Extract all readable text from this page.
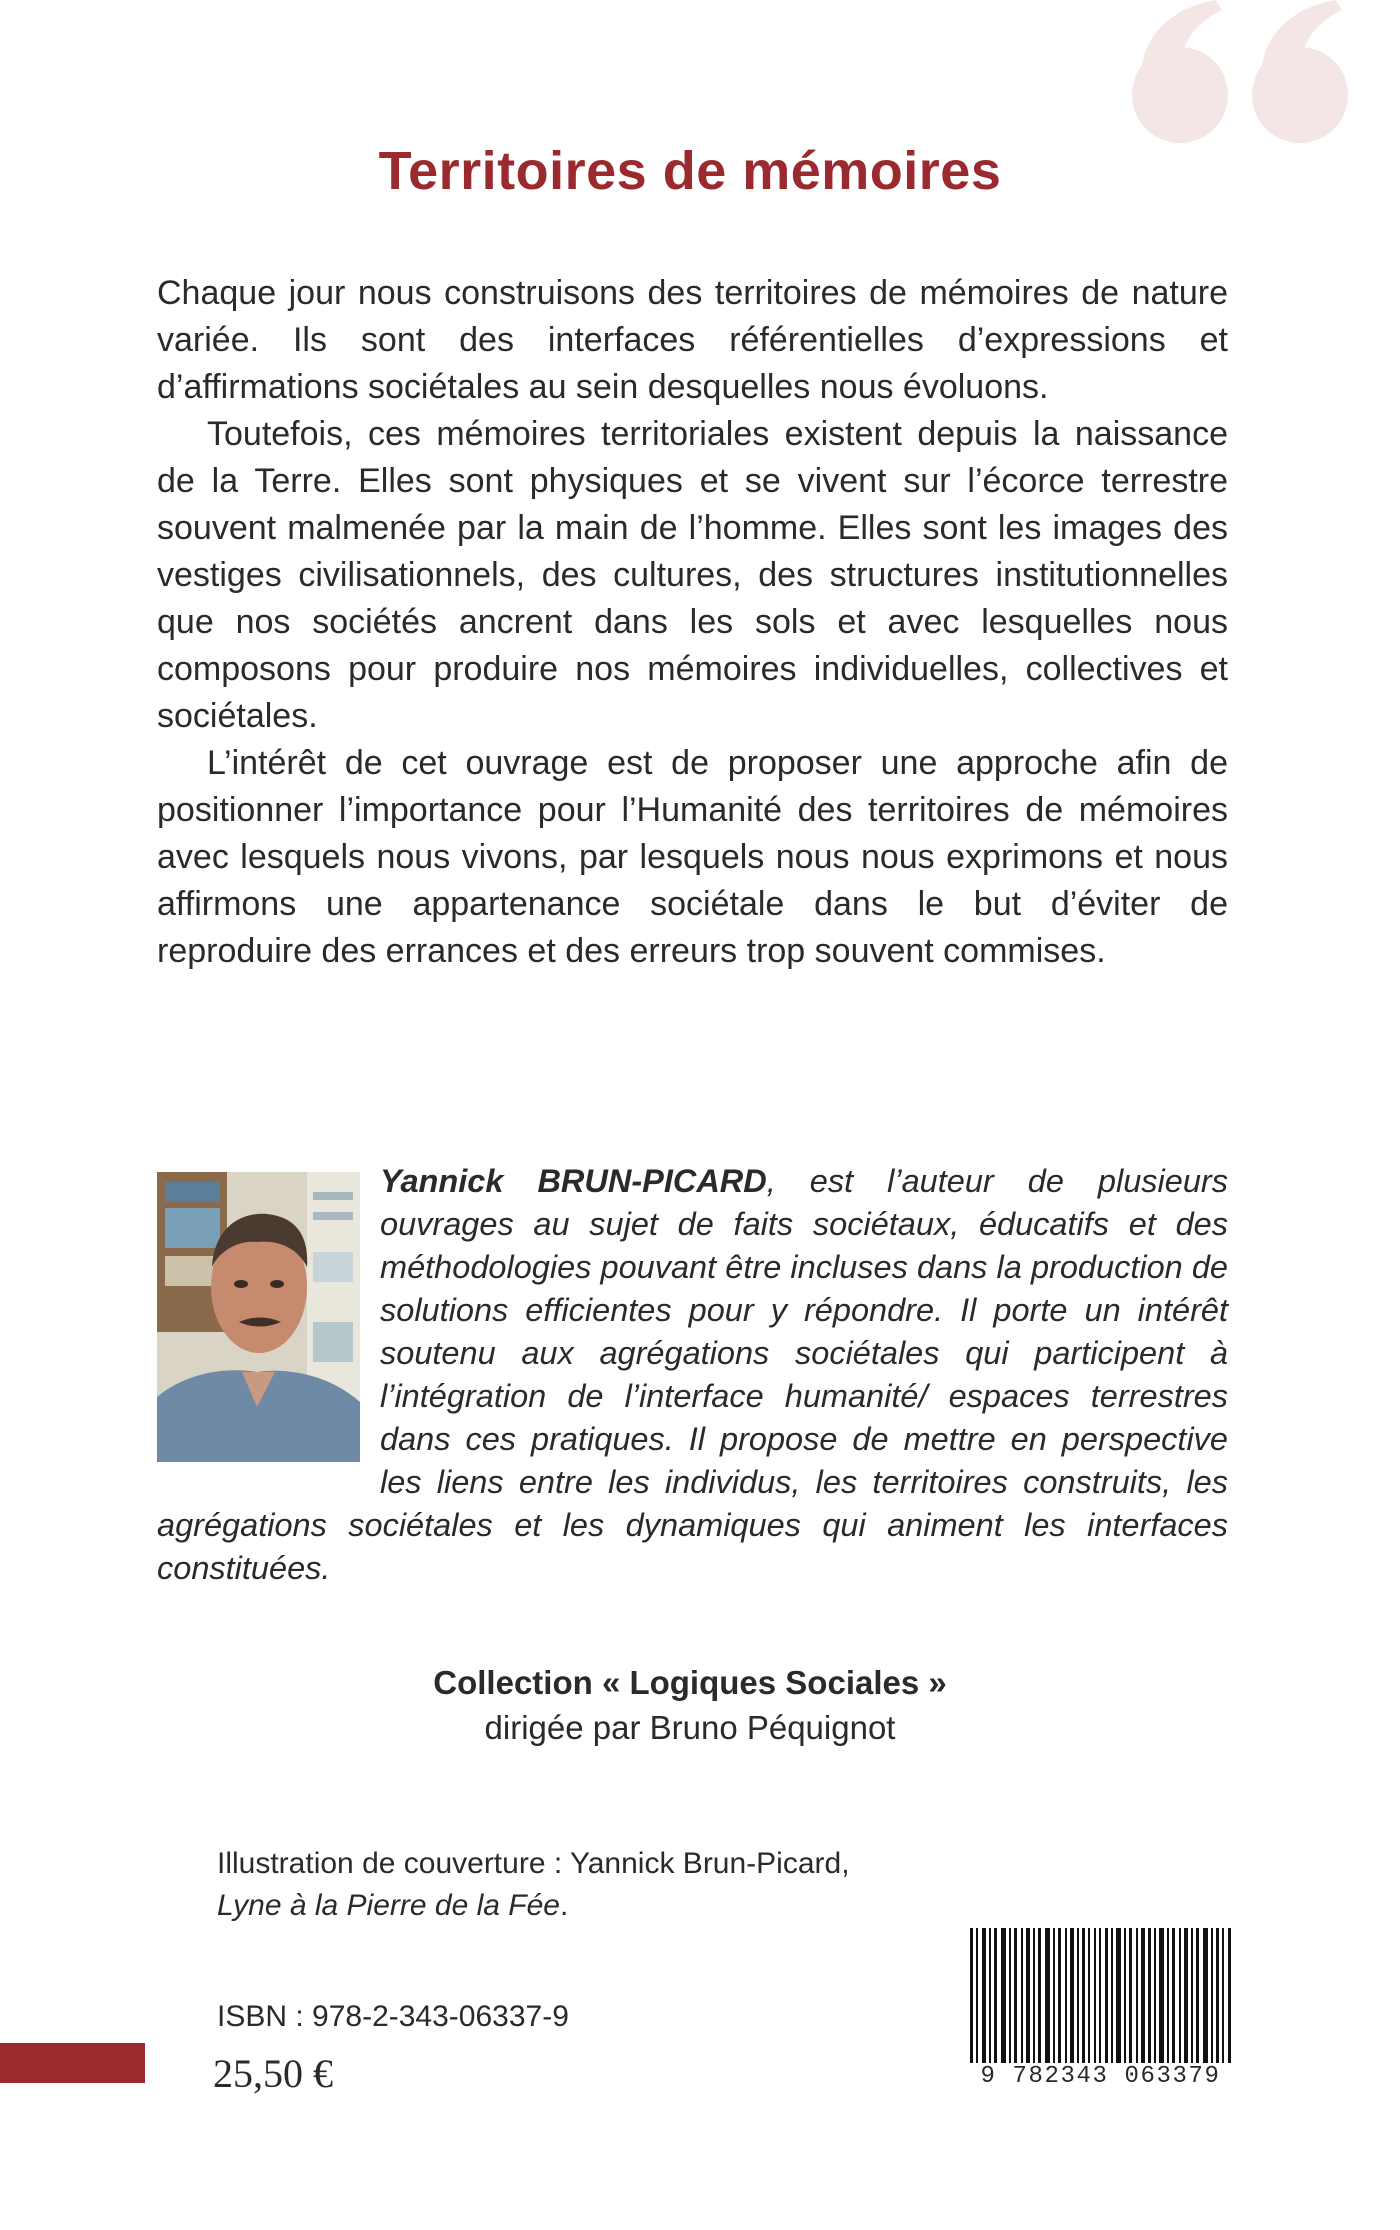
Territoires de mémoires

Chaque jour nous construisons des territoires de mémoires de nature variée. Ils sont des interfaces référentielles d’expressions et d’affirmations sociétales au sein desquelles nous évoluons.

Toutefois, ces mémoires territoriales existent depuis la naissance de la Terre. Elles sont physiques et se vivent sur l’écorce terrestre souvent malmenée par la main de l’homme. Elles sont les images des vestiges civilisationnels, des cultures, des structures institutionnelles que nos sociétés ancrent dans les sols et avec lesquelles nous composons pour produire nos mémoires individuelles, collectives et sociétales.

L’intérêt de cet ouvrage est de proposer une approche afin de positionner l’importance pour l’Humanité des territoires de mémoires avec lesquels nous vivons, par lesquels nous nous exprimons et nous affirmons une appartenance sociétale dans le but d’éviter de reproduire des errances et des erreurs trop souvent commises.

Yannick BRUN-PICARD, est l’auteur de plusieurs ouvrages au sujet de faits sociétaux, éducatifs et des méthodologies pouvant être incluses dans la production de solutions efficientes pour y répondre. Il porte un intérêt soutenu aux agrégations sociétales qui participent à l’intégration de l’interface humanité/ espaces terrestres dans ces pratiques. Il propose de mettre en perspective les liens entre les individus, les territoires construits, les agrégations sociétales et les dynamiques qui animent les interfaces constituées.
Collection « Logiques Sociales »
dirigée par Bruno Péquignot
Illustration de couverture : Yannick Brun-Picard,
Lyne à la Pierre de la Fée.
ISBN : 978-2-343-06337-9
25,50 €	9 782343 063379
